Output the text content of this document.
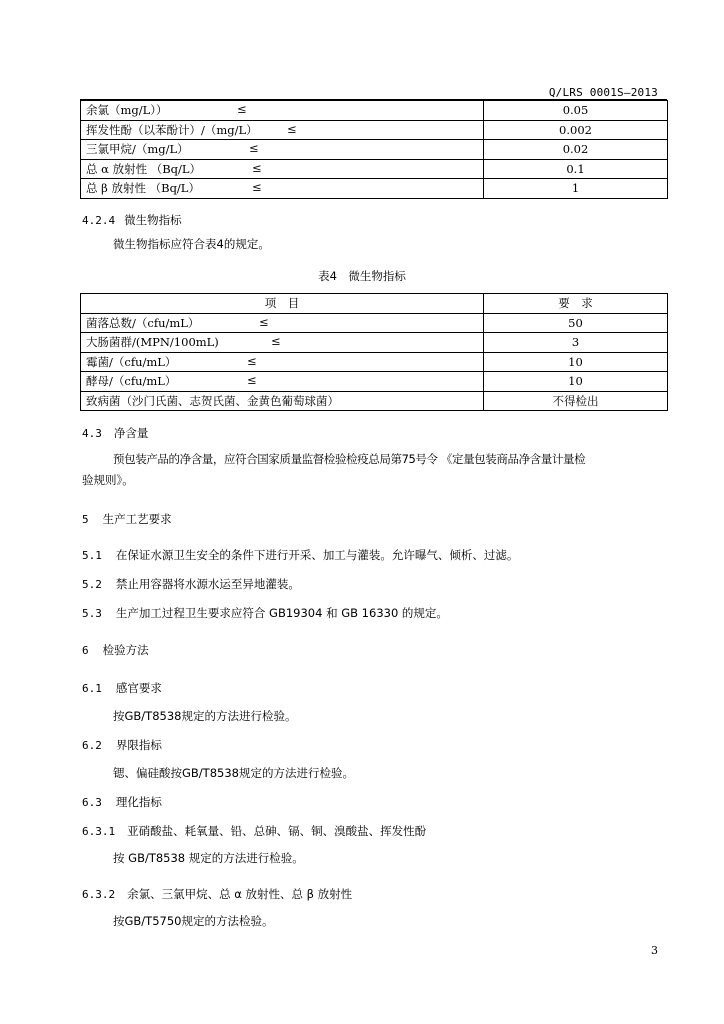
Q/LRS 0001S—2013
余氯（mg/L）） ≤	0.05
挥发性酚（以苯酚计）/（mg/L） ≤	0.002
三氯甲烷/（mg/L） ≤	0.02
总 α 放射性 （Bq/L） ≤	0.1
总 β 放射性 （Bq/L） ≤	1
4.2.4 微生物指标
微生物指标应符合表4的规定。
表4　微生物指标
项　目	要　求
菌落总数/（cfu/mL） ≤	50
大肠菌群/(MPN/100mL) ≤	3
霉菌/（cfu/mL） ≤	10
酵母/（cfu/mL） ≤	10
致病菌（沙门氏菌、志贺氏菌、金黄色葡萄球菌）	不得检出
4.3 净含量
预包装产品的净含量，应符合国家质量监督检验检疫总局第75号令 《定量包装商品净含量计量检
验规则》。
5 生产工艺要求
5.1 在保证水源卫生安全的条件下进行开采、加工与灌装。允许曝气、倾析、过滤。
5.2 禁止用容器将水源水运至异地灌装。
5.3 生产加工过程卫生要求应符合 GB19304 和 GB 16330 的规定。
6 检验方法
6.1 感官要求
按GB/T8538规定的方法进行检验。
6.2 界限指标
锶、偏硅酸按GB/T8538规定的方法进行检验。
6.3 理化指标
6.3.1 亚硝酸盐、耗氧量、铅、总砷、镉、铜、溴酸盐、挥发性酚
按 GB/T8538 规定的方法进行检验。
6.3.2 余氯、三氯甲烷、总 α 放射性、总 β 放射性
按GB/T5750规定的方法检验。
3
